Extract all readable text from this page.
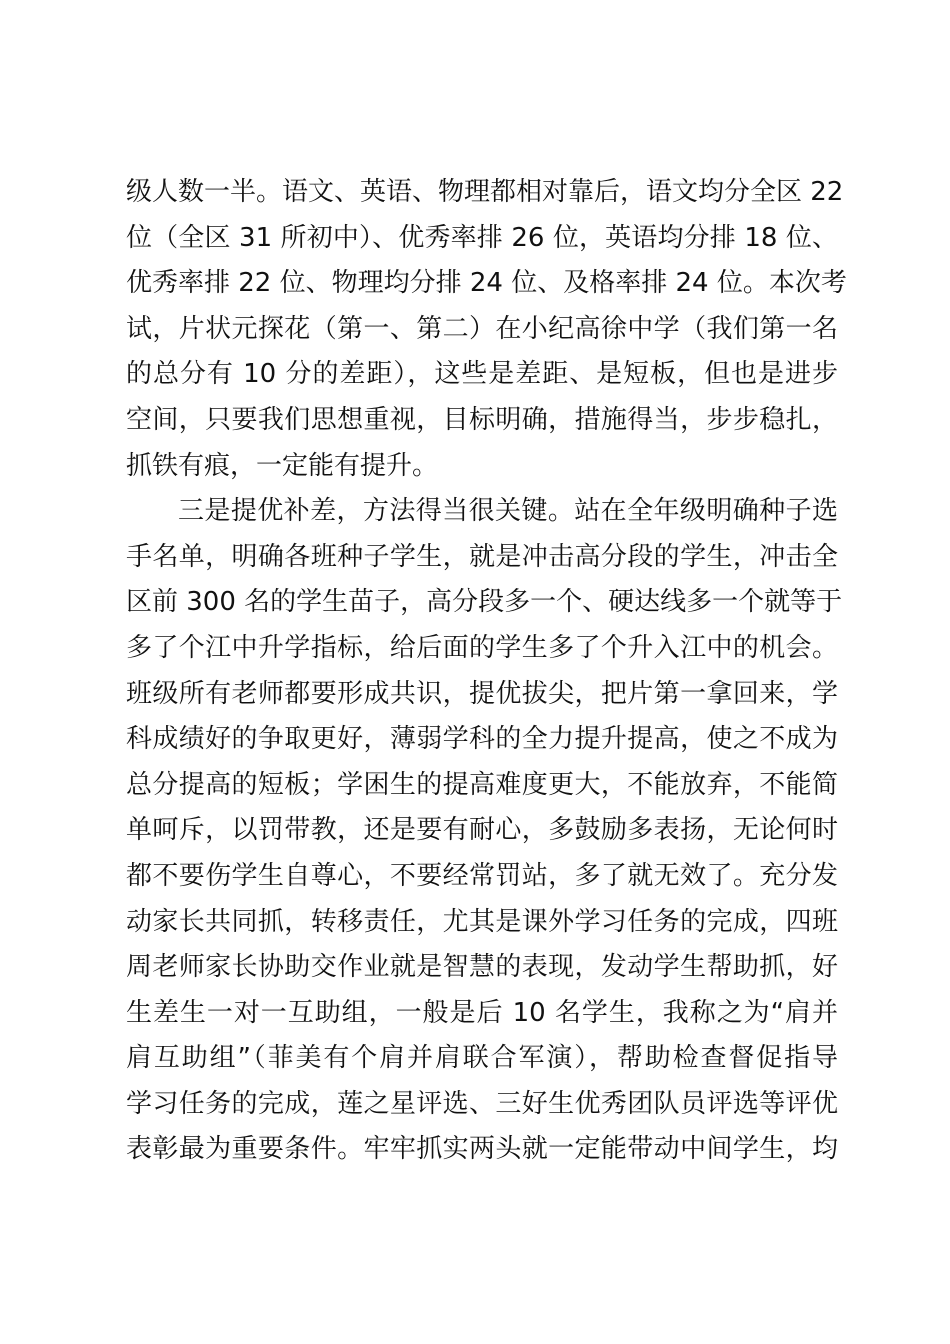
级人数一半。语文、英语、物理都相对靠后，语文均分全区 22
位（全区 31 所初中）、优秀率排 26 位，英语均分排 18 位、
优秀率排 22 位、物理均分排 24 位、及格率排 24 位。本次考
试，片状元探花（第一、第二）在小纪高徐中学（我们第一名
的总分有 10 分的差距），这些是差距、是短板，但也是进步
空间，只要我们思想重视，目标明确，措施得当，步步稳扎，
抓铁有痕，一定能有提升。
三是提优补差，方法得当很关键。站在全年级明确种子选
手名单，明确各班种子学生，就是冲击高分段的学生，冲击全
区前 300 名的学生苗子，高分段多一个、硬达线多一个就等于
多了个江中升学指标，给后面的学生多了个升入江中的机会。
班级所有老师都要形成共识，提优拔尖，把片第一拿回来，学
科成绩好的争取更好，薄弱学科的全力提升提高，使之不成为
总分提高的短板；学困生的提高难度更大，不能放弃，不能简
单呵斥，以罚带教，还是要有耐心，多鼓励多表扬，无论何时
都不要伤学生自尊心，不要经常罚站，多了就无效了。充分发
动家长共同抓，转移责任，尤其是课外学习任务的完成，四班
周老师家长协助交作业就是智慧的表现，发动学生帮助抓，好
生差生一对一互助组，一般是后 10 名学生，我称之为“肩并
肩互助组”（菲美有个肩并肩联合军演），帮助检查督促指导
学习任务的完成，莲之星评选、三好生优秀团队员评选等评优
表彰最为重要条件。牢牢抓实两头就一定能带动中间学生，均
